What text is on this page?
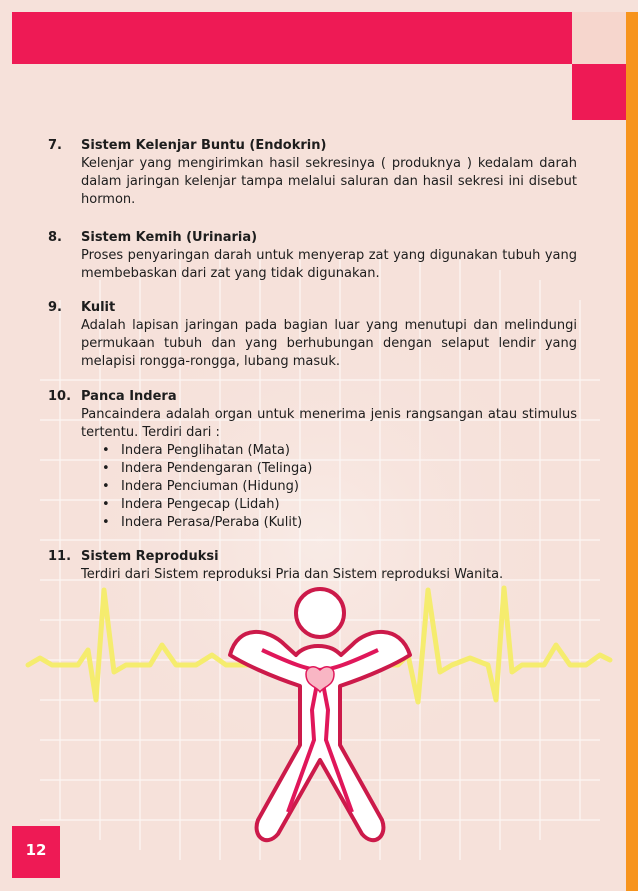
7.	Sistem Kelenjar Buntu (Endokrin)
Kelenjar yang mengirimkan hasil sekresinya ( produknya ) kedalam darah dalam jaringan kelenjar tampa melalui saluran dan hasil sekresi ini disebut hormon.
8.	Sistem Kemih (Urinaria)
Proses penyaringan darah untuk menyerap zat yang digunakan tubuh yang membebaskan dari zat yang tidak digunakan.
9.	Kulit
Adalah lapisan jaringan pada bagian luar yang menutupi dan melindungi permukaan tubuh dan yang berhubungan dengan selaput lendir yang melapisi rongga-rongga, lubang masuk.
10. Panca Indera
Pancaindera adalah organ untuk menerima jenis rangsangan atau stimulus tertentu. Terdiri dari :
• Indera Penglihatan (Mata)
• Indera Pendengaran (Telinga)
• Indera Penciuman (Hidung)
• Indera Pengecap (Lidah)
• Indera Perasa/Peraba (Kulit)
11. Sistem Reproduksi
Terdiri dari Sistem reproduksi Pria dan Sistem reproduksi Wanita.
12
